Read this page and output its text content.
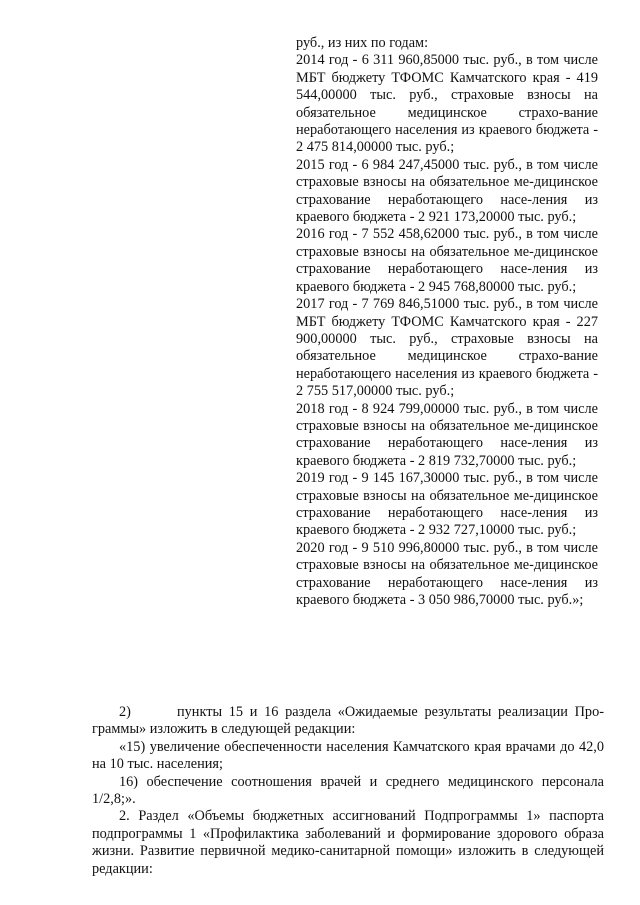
руб., из них по годам:

2014 год - 6 311 960,85000 тыс. руб., в том числе МБТ бюджету ТФОМС Камчатского края - 419 544,00000 тыс. руб., страховые взносы на обязательное медицинское страхо-вание неработающего населения из краевого бюджета - 2 475 814,00000 тыс. руб.;

2015 год - 6 984 247,45000 тыс. руб., в том числе страховые взносы на обязательное ме-дицинское страхование неработающего насе-ления из краевого бюджета - 2 921 173,20000 тыс. руб.;

2016 год - 7 552 458,62000 тыс. руб., в том числе страховые взносы на обязательное ме-дицинское страхование неработающего насе-ления из краевого бюджета - 2 945 768,80000 тыс. руб.;

2017 год - 7 769 846,51000 тыс. руб., в том числе МБТ бюджету ТФОМС Камчатского края - 227 900,00000 тыс. руб., страховые взносы на обязательное медицинское страхо-вание неработающего населения из краевого бюджета - 2 755 517,00000 тыс. руб.;

2018 год - 8 924 799,00000 тыс. руб., в том числе страховые взносы на обязательное ме-дицинское страхование неработающего насе-ления из краевого бюджета - 2 819 732,70000 тыс. руб.;

2019 год - 9 145 167,30000 тыс. руб., в том числе страховые взносы на обязательное ме-дицинское страхование неработающего насе-ления из краевого бюджета - 2 932 727,10000 тыс. руб.;

2020 год - 9 510 996,80000 тыс. руб., в том числе страховые взносы на обязательное ме-дицинское страхование неработающего насе-ления из краевого бюджета - 3 050 986,70000 тыс. руб.»;

2)	пункты 15 и 16 раздела «Ожидаемые результаты реализации Про-граммы» изложить в следующей редакции:

«15) увеличение обеспеченности населения Камчатского края врачами до 42,0 на 10 тыс. населения;

16) обеспечение соотношения врачей и среднего медицинского персонала 1/2,8;».

2. Раздел «Объемы бюджетных ассигнований Подпрограммы 1» паспорта подпрограммы 1 «Профилактика заболеваний и формирование здорового образа жизни. Развитие первичной медико-санитарной помощи» изложить в следующей редакции:
